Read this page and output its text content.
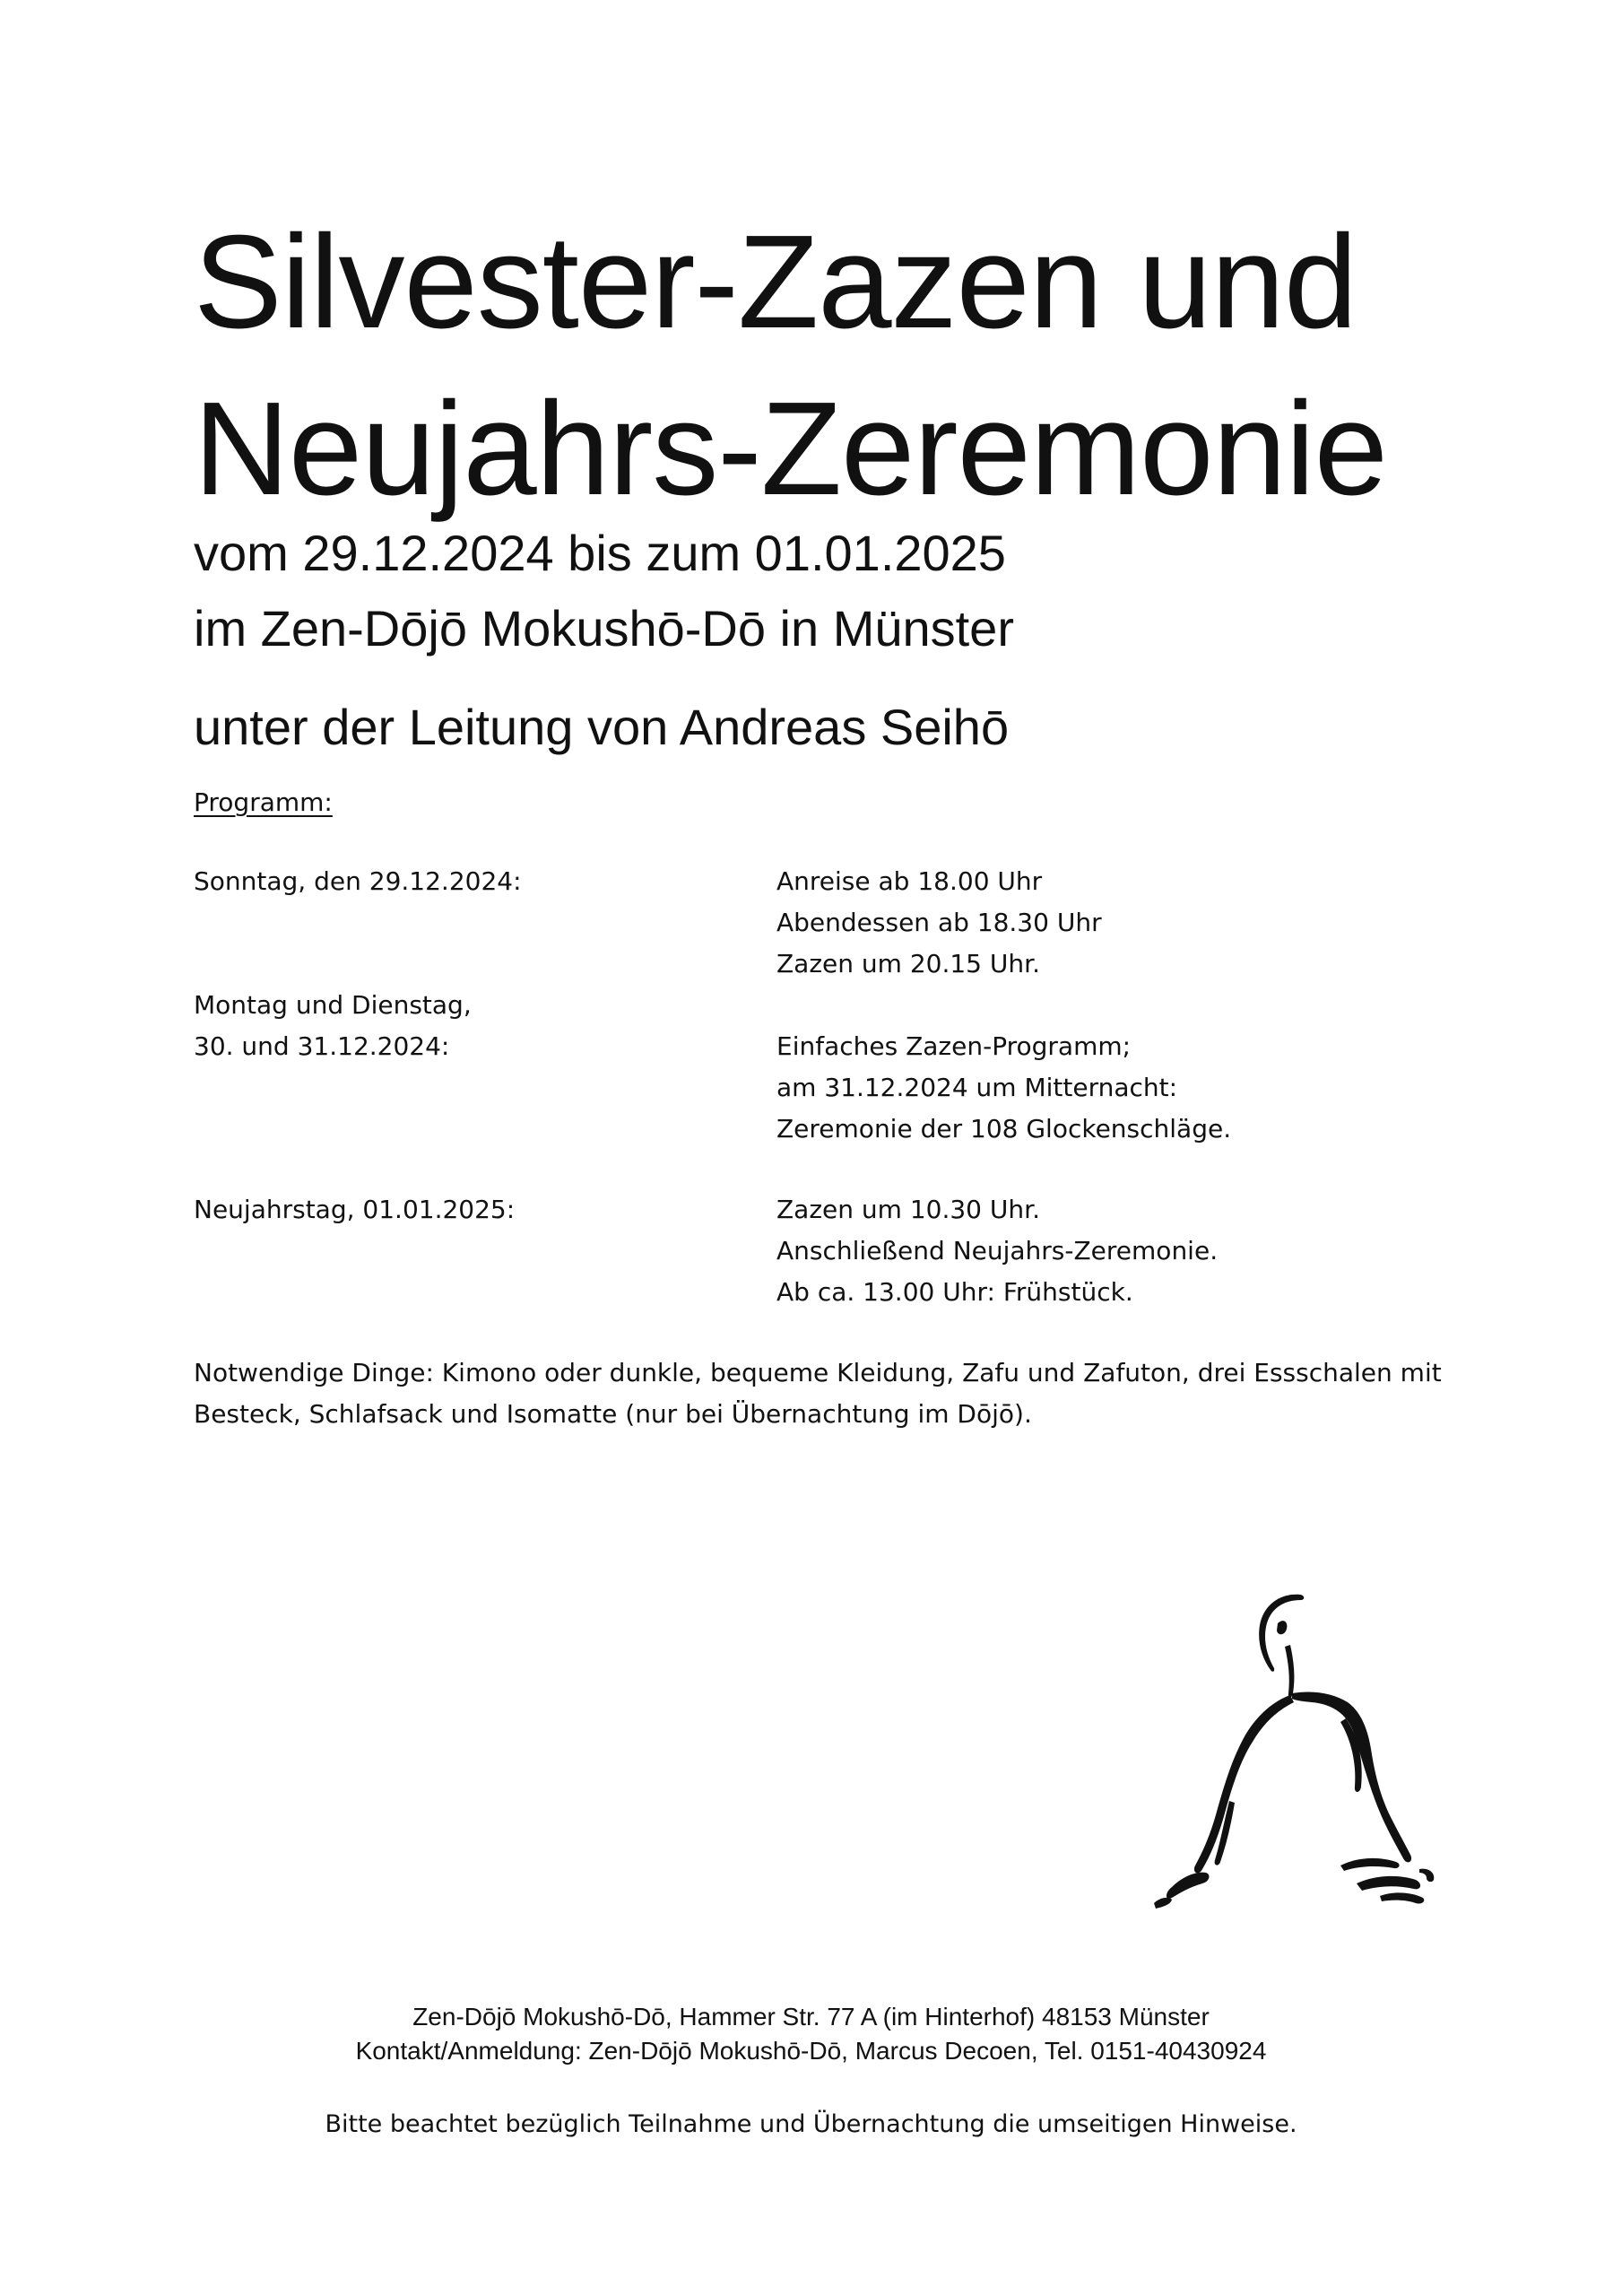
Silvester-Zazen und
Neujahrs-Zeremonie

vom 29.12.2024 bis zum 01.01.2025

im Zen-Dōjō Mokushō-Dō in Münster

unter der Leitung von Andreas Seihō

Programm:
Sonntag, den 29.12.2024:	Anreise ab 18.00 Uhr
Abendessen ab 18.30 Uhr
Zazen um 20.15 Uhr.
Montag und Dienstag,
30. und 31.12.2024:	Einfaches Zazen-Programm;
am 31.12.2024 um Mitternacht:
Zeremonie der 108 Glockenschläge.
Neujahrstag, 01.01.2025:	Zazen um 10.30 Uhr.
Anschließend Neujahrs-Zeremonie.
Ab ca. 13.00 Uhr: Frühstück.
Notwendige Dinge: Kimono oder dunkle, bequeme Kleidung, Zafu und Zafuton, drei Essschalen mit
Besteck, Schlafsack und Isomatte (nur bei Übernachtung im Dōjō).
Zen-Dōjō Mokushō-Dō, Hammer Str. 77 A (im Hinterhof) 48153 Münster
Kontakt/Anmeldung: Zen-Dōjō Mokushō-Dō, Marcus Decoen, Tel. 0151-40430924
Bitte beachtet bezüglich Teilnahme und Übernachtung die umseitigen Hinweise.
